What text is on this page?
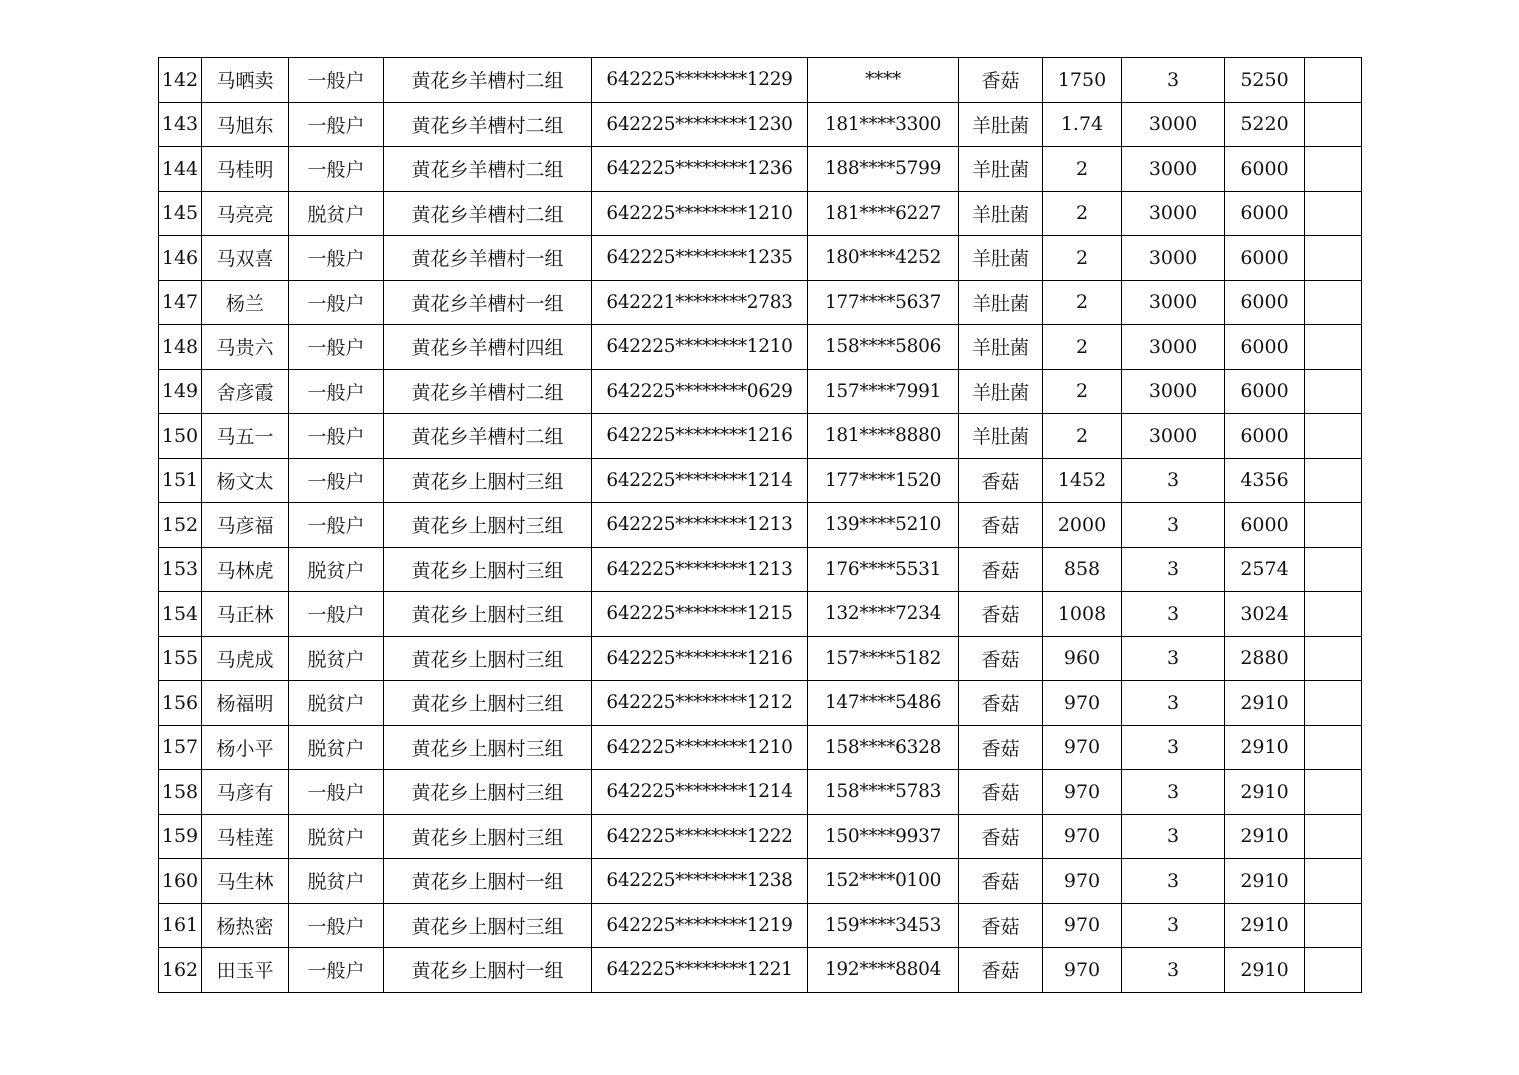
142	马晒卖	一般户	黄花乡羊槽村二组	642225********1229	****	香菇	1750	3	5250	
143	马旭东	一般户	黄花乡羊槽村二组	642225********1230	181****3300	羊肚菌	1.74	3000	5220	
144	马桂明	一般户	黄花乡羊槽村二组	642225********1236	188****5799	羊肚菌	2	3000	6000	
145	马亮亮	脱贫户	黄花乡羊槽村二组	642225********1210	181****6227	羊肚菌	2	3000	6000	
146	马双喜	一般户	黄花乡羊槽村一组	642225********1235	180****4252	羊肚菌	2	3000	6000	
147	杨兰	一般户	黄花乡羊槽村一组	642221********2783	177****5637	羊肚菌	2	3000	6000	
148	马贵六	一般户	黄花乡羊槽村四组	642225********1210	158****5806	羊肚菌	2	3000	6000	
149	舍彦霞	一般户	黄花乡羊槽村二组	642225********0629	157****7991	羊肚菌	2	3000	6000	
150	马五一	一般户	黄花乡羊槽村二组	642225********1216	181****8880	羊肚菌	2	3000	6000	
151	杨文太	一般户	黄花乡上胭村三组	642225********1214	177****1520	香菇	1452	3	4356	
152	马彦福	一般户	黄花乡上胭村三组	642225********1213	139****5210	香菇	2000	3	6000	
153	马林虎	脱贫户	黄花乡上胭村三组	642225********1213	176****5531	香菇	858	3	2574	
154	马正林	一般户	黄花乡上胭村三组	642225********1215	132****7234	香菇	1008	3	3024	
155	马虎成	脱贫户	黄花乡上胭村三组	642225********1216	157****5182	香菇	960	3	2880	
156	杨福明	脱贫户	黄花乡上胭村三组	642225********1212	147****5486	香菇	970	3	2910	
157	杨小平	脱贫户	黄花乡上胭村三组	642225********1210	158****6328	香菇	970	3	2910	
158	马彦有	一般户	黄花乡上胭村三组	642225********1214	158****5783	香菇	970	3	2910	
159	马桂莲	脱贫户	黄花乡上胭村三组	642225********1222	150****9937	香菇	970	3	2910	
160	马生林	脱贫户	黄花乡上胭村一组	642225********1238	152****0100	香菇	970	3	2910	
161	杨热密	一般户	黄花乡上胭村三组	642225********1219	159****3453	香菇	970	3	2910	
162	田玉平	一般户	黄花乡上胭村一组	642225********1221	192****8804	香菇	970	3	2910	
